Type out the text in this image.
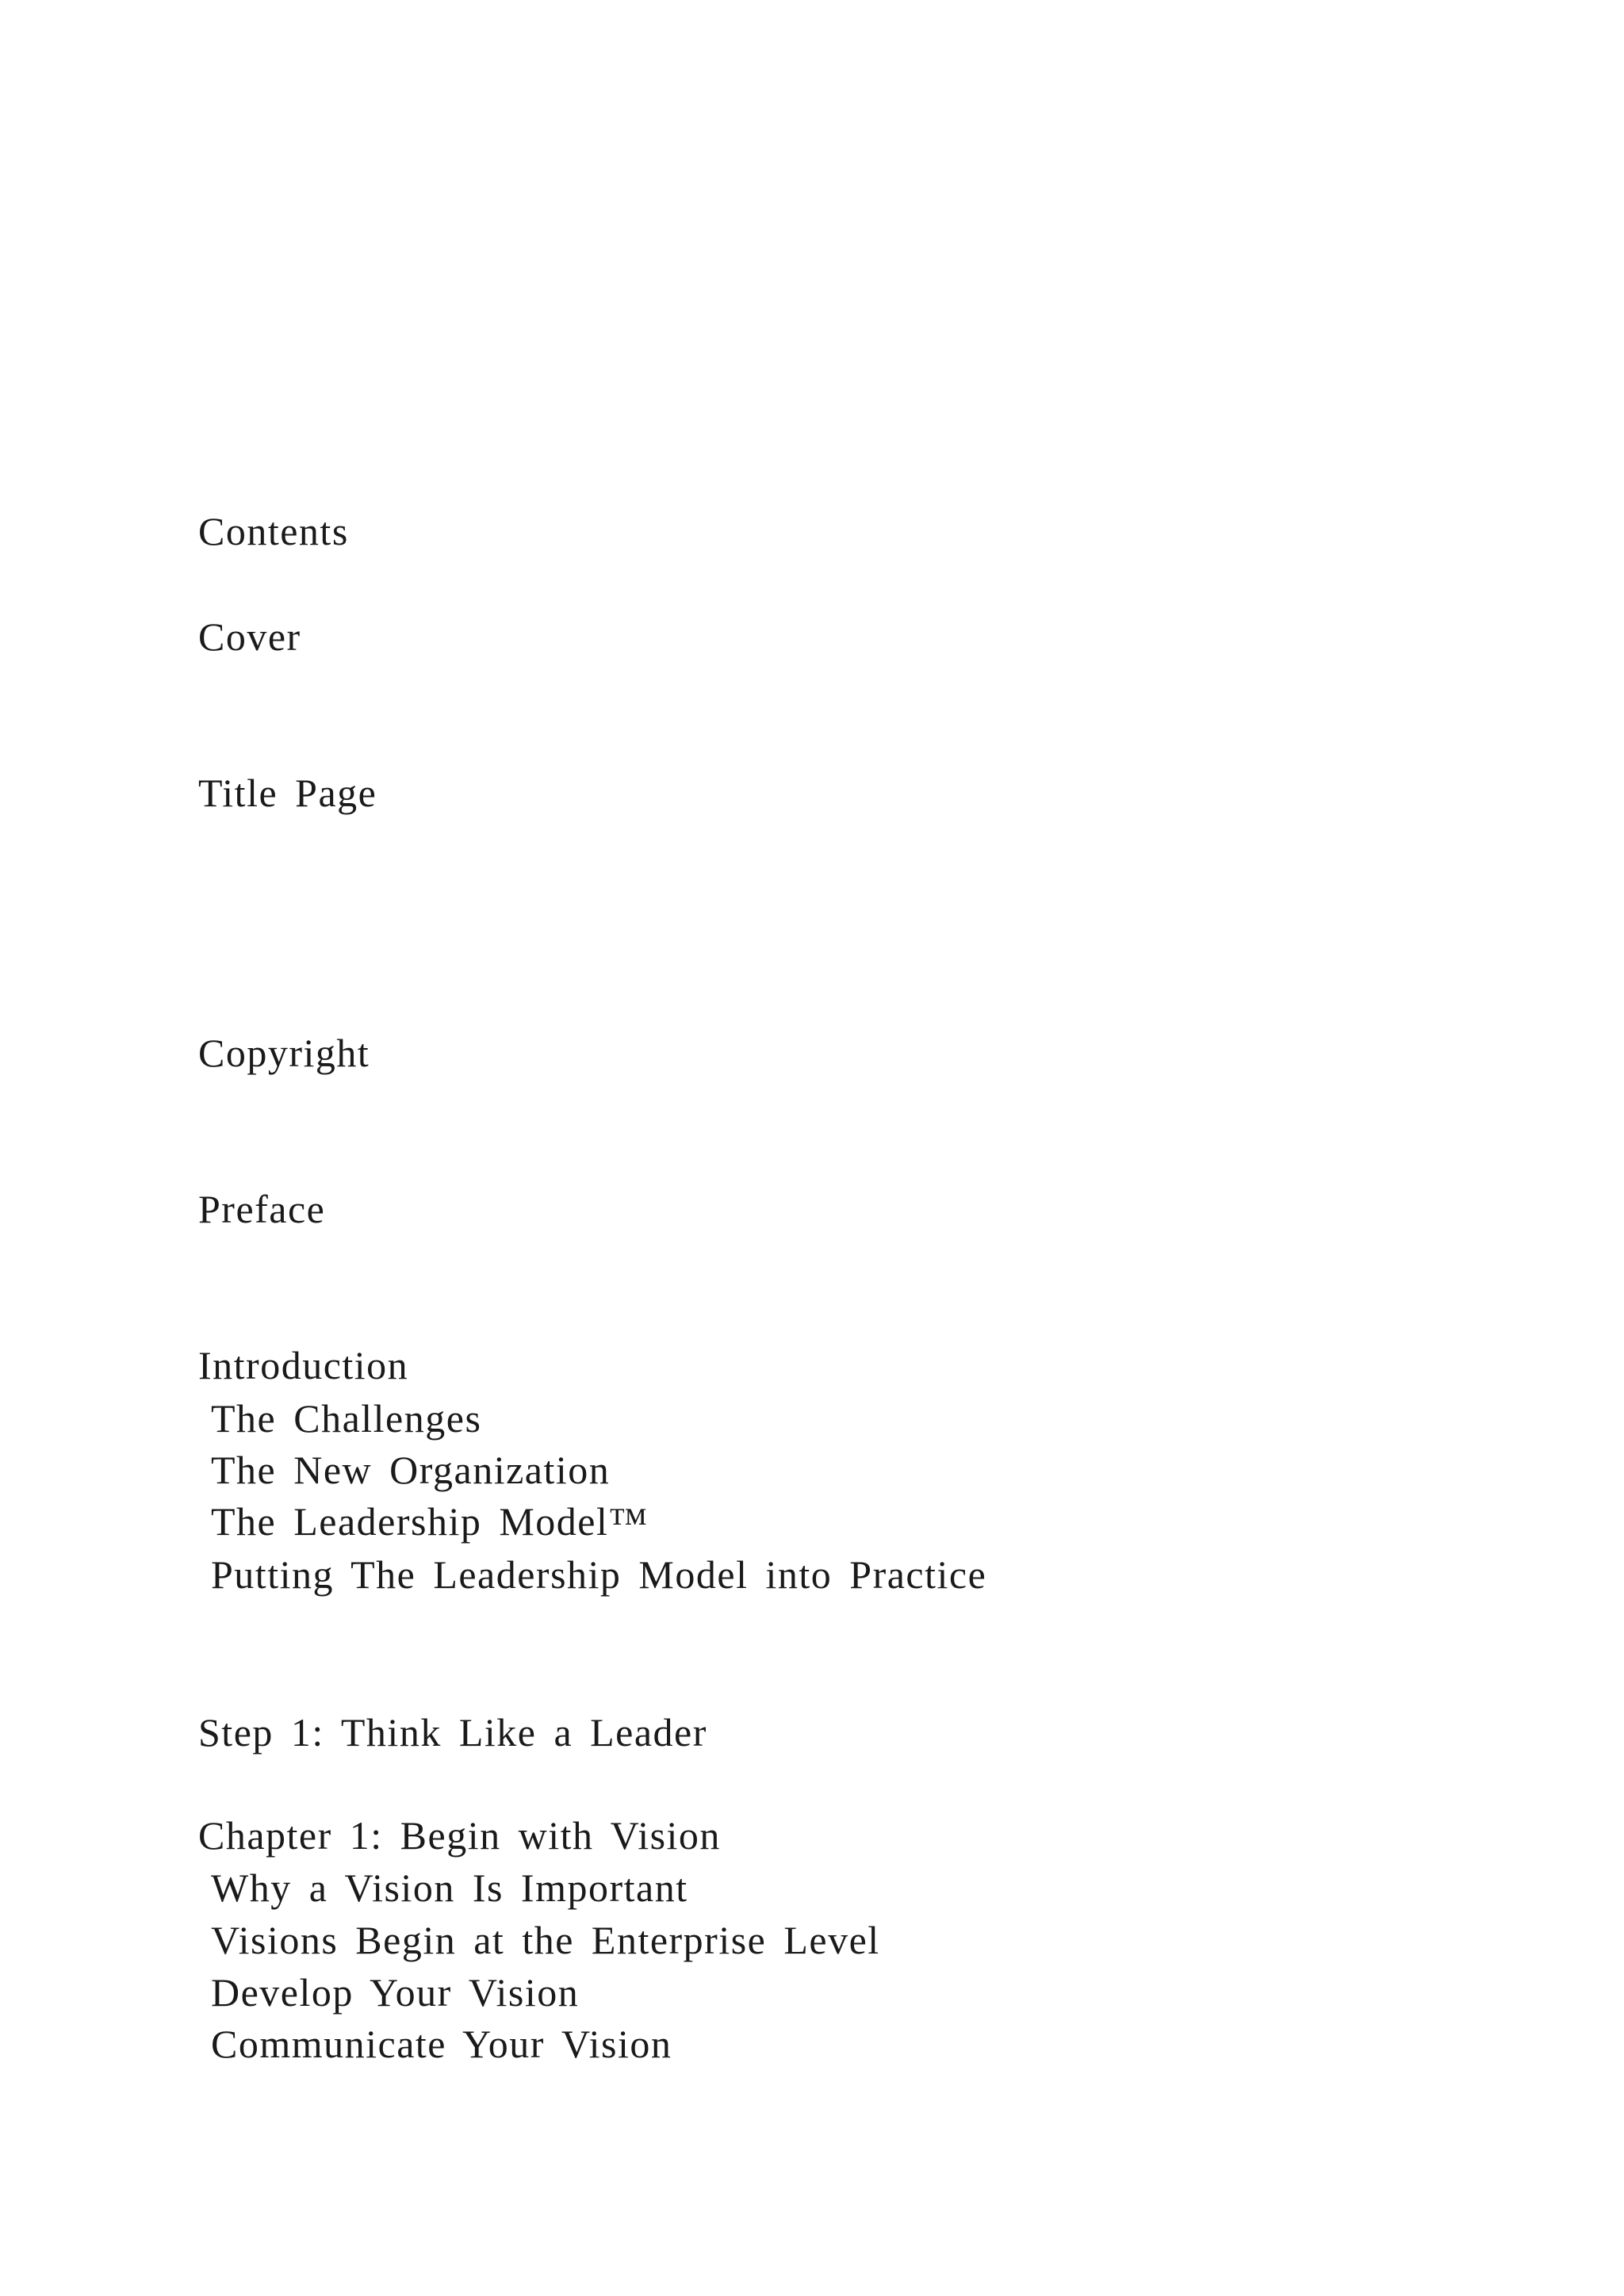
Contents

Cover

Title Page

Copyright

Preface

Introduction

The Challenges

The New Organization

The Leadership Model™

Putting The Leadership Model into Practice

Step 1: Think Like a Leader

Chapter 1: Begin with Vision

Why a Vision Is Important

Visions Begin at the Enterprise Level

Develop Your Vision

Communicate Your Vision
